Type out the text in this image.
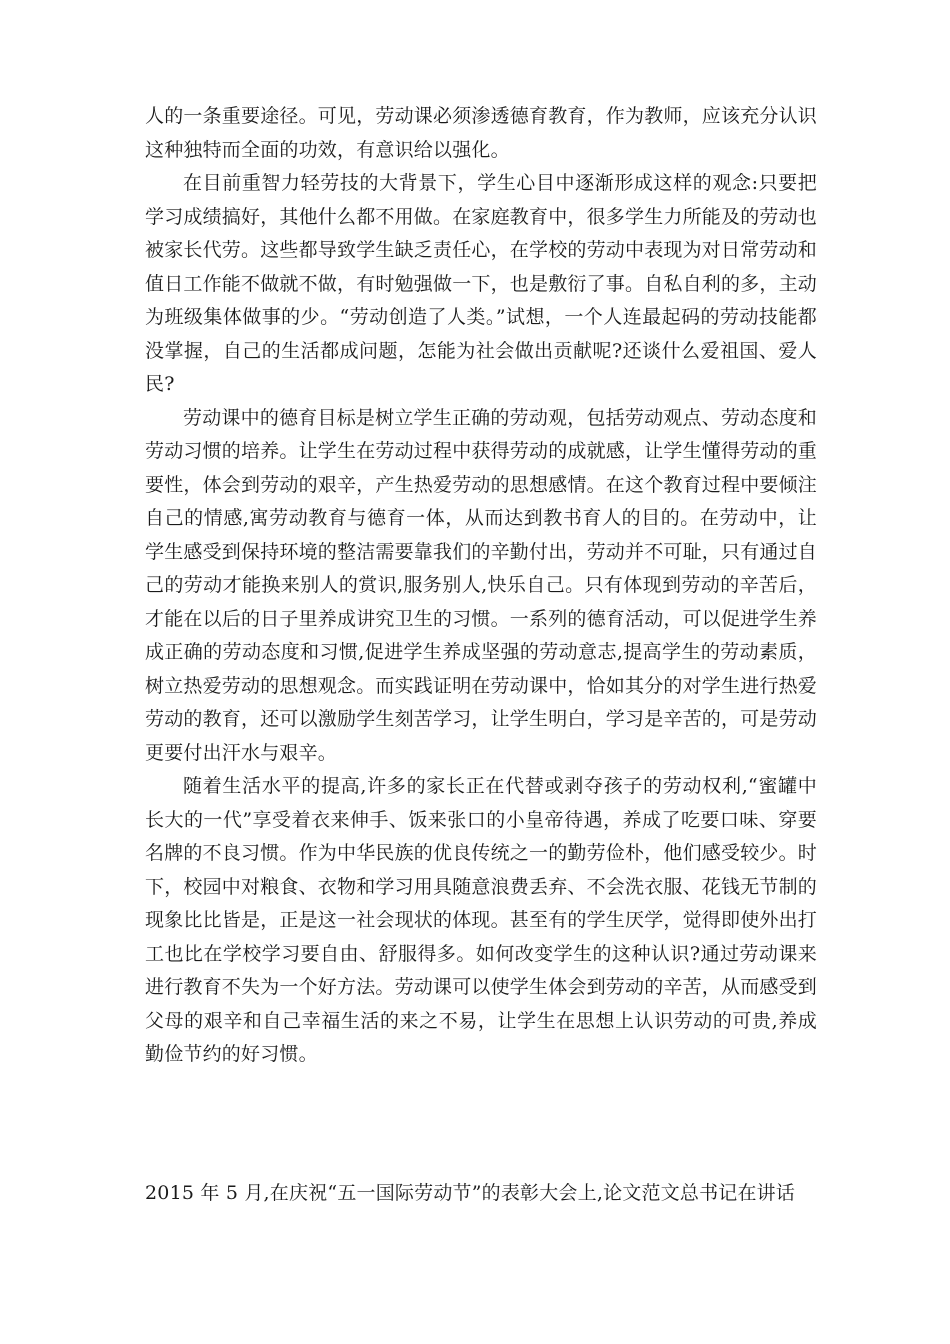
人的一条重要途径。可见，劳动课必须渗透德育教育，作为教师，应该充分认识这种独特而全面的功效，有意识给以强化。

在目前重智力轻劳技的大背景下，学生心目中逐渐形成这样的观念:只要把学习成绩搞好，其他什么都不用做。在家庭教育中，很多学生力所能及的劳动也被家长代劳。这些都导致学生缺乏责任心，在学校的劳动中表现为对日常劳动和值日工作能不做就不做，有时勉强做一下，也是敷衍了事。自私自利的多，主动为班级集体做事的少。“劳动创造了人类。”试想，一个人连最起码的劳动技能都没掌握，自己的生活都成问题，怎能为社会做出贡献呢?还谈什么爱祖国、爱人民?

劳动课中的德育目标是树立学生正确的劳动观，包括劳动观点、劳动态度和劳动习惯的培养。让学生在劳动过程中获得劳动的成就感，让学生懂得劳动的重要性，体会到劳动的艰辛，产生热爱劳动的思想感情。在这个教育过程中要倾注自己的情感,寓劳动教育与德育一体，从而达到教书育人的目的。在劳动中，让学生感受到保持环境的整洁需要靠我们的辛勤付出，劳动并不可耻，只有通过自己的劳动才能换来别人的赏识,服务别人,快乐自己。只有体现到劳动的辛苦后，才能在以后的日子里养成讲究卫生的习惯。一系列的德育活动，可以促进学生养成正确的劳动态度和习惯,促进学生养成坚强的劳动意志,提高学生的劳动素质，树立热爱劳动的思想观念。而实践证明在劳动课中，恰如其分的对学生进行热爱劳动的教育，还可以激励学生刻苦学习，让学生明白，学习是辛苦的，可是劳动更要付出汗水与艰辛。

随着生活水平的提高,许多的家长正在代替或剥夺孩子的劳动权利,“蜜罐中长大的一代”享受着衣来伸手、饭来张口的小皇帝待遇，养成了吃要口味、穿要名牌的不良习惯。作为中华民族的优良传统之一的勤劳俭朴，他们感受较少。时下，校园中对粮食、衣物和学习用具随意浪费丢弃、不会洗衣服、花钱无节制的现象比比皆是，正是这一社会现状的体现。甚至有的学生厌学，觉得即使外出打工也比在学校学习要自由、舒服得多。如何改变学生的这种认识?通过劳动课来进行教育不失为一个好方法。劳动课可以使学生体会到劳动的辛苦，从而感受到父母的艰辛和自己幸福生活的来之不易，让学生在思想上认识劳动的可贵,养成勤俭节约的好习惯。

2015 年 5 月,在庆祝“五一国际劳动节”的表彰大会上,论文范文总书记在讲话
